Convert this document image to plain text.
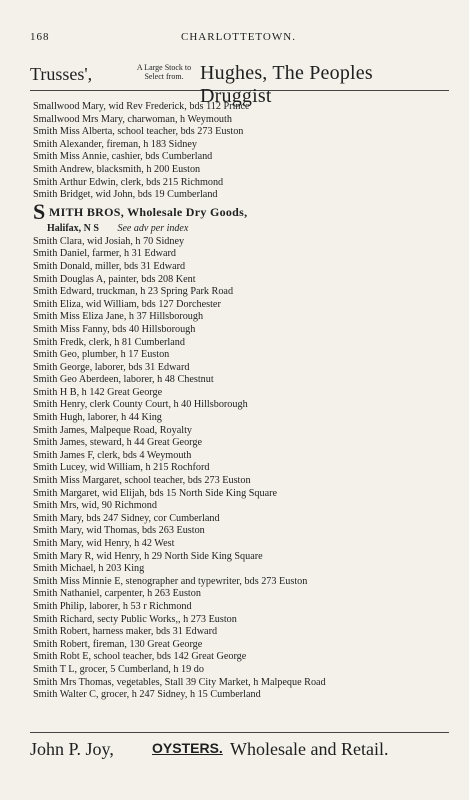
168	CHARLOTTETOWN.
Trusses',	A Large Stock to Select from. Hughes, The Peoples Druggist
Smallwood Mary, wid Rev Frederick, bds 112 Prince
Smallwood Mrs Mary, charwoman, h Weymouth
Smith Miss Alberta, school teacher, bds 273 Euston
Smith Alexander, fireman, h 183 Sidney
Smith Miss Annie, cashier, bds Cumberland
Smith Andrew, blacksmith, h 200 Euston
Smith Arthur Edwin, clerk, bds 215 Richmond
Smith Bridget, wid John, bds 19 Cumberland
S MITH BROS, Wholesale Dry Goods,
Halifax, N S See adv per index
Smith Clara, wid Josiah, h 70 Sidney
Smith Daniel, farmer, h 31 Edward
Smith Donald, miller, bds 31 Edward
Smith Douglas A, painter, bds 208 Kent
Smith Edward, truckman, h 23 Spring Park Road
Smith Eliza, wid William, bds 127 Dorchester
Smith Miss Eliza Jane, h 37 Hillsborough
Smith Miss Fanny, bds 40 Hillsborough
Smith Fredk, clerk, h 81 Cumberland
Smith Geo, plumber, h 17 Euston
Smith George, laborer, bds 31 Edward
Smith Geo Aberdeen, laborer, h 48 Chestnut
Smith H B, h 142 Great George
Smith Henry, clerk County Court, h 40 Hillsborough
Smith Hugh, laborer, h 44 King
Smith James, Malpeque Road, Royalty
Smith James, steward, h 44 Great George
Smith James F, clerk, bds 4 Weymouth
Smith Lucey, wid William, h 215 Rochford
Smith Miss Margaret, school teacher, bds 273 Euston
Smith Margaret, wid Elijah, bds 15 North Side King Square
Smith Mrs, wid, 90 Richmond
Smith Mary, bds 247 Sidney, cor Cumberland
Smith Mary, wid Thomas, bds 263 Euston
Smith Mary, wid Henry, h 42 West
Smith Mary R, wid Henry, h 29 North Side King Square
Smith Michael, h 203 King
Smith Miss Minnie E, stenographer and typewriter, bds 273 Euston
Smith Nathaniel, carpenter, h 263 Euston
Smith Philip, laborer, h 53 r Richmond
Smith Richard, secty Public Works,, h 273 Euston
Smith Robert, harness maker, bds 31 Edward
Smith Robert, fireman, 130 Great George
Smith Robt E, school teacher, bds 142 Great George
Smith T L, grocer, 5 Cumberland, h 19 do
Smith Mrs Thomas, vegetables, Stall 39 City Market, h Malpeque Road
Smith Walter C, grocer, h 247 Sidney, h 15 Cumberland
John P. Joy,	OYSTERS. Wholesale and Retail.
